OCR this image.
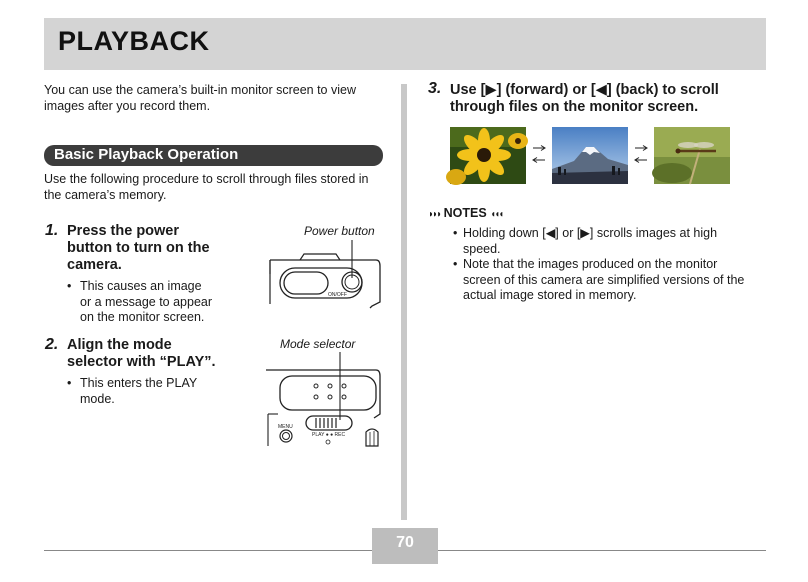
PLAYBACK
You can use the camera’s built-in monitor screen to view images after you record them.
Basic Playback Operation
Use the following procedure to scroll through files stored in the camera’s memory.
1. Press the power
button to turn on the
camera.
• This causes an image
or a message to appear
on the monitor screen.
Power button
ON/OFF
2. Align the mode
selector with “PLAY”.
• This enters the PLAY
mode.
Mode selector
MENU
PLAY ● ● REC
3. Use [▶] (forward) or [◀] (back) to scroll
through files on the monitor screen.
◗◗◗ NOTES ◖◖◖
• Holding down [◀] or [▶] scrolls images at high
speed.
• Note that the images produced on the monitor
screen of this camera are simplified versions of the
actual image stored in memory.
70
